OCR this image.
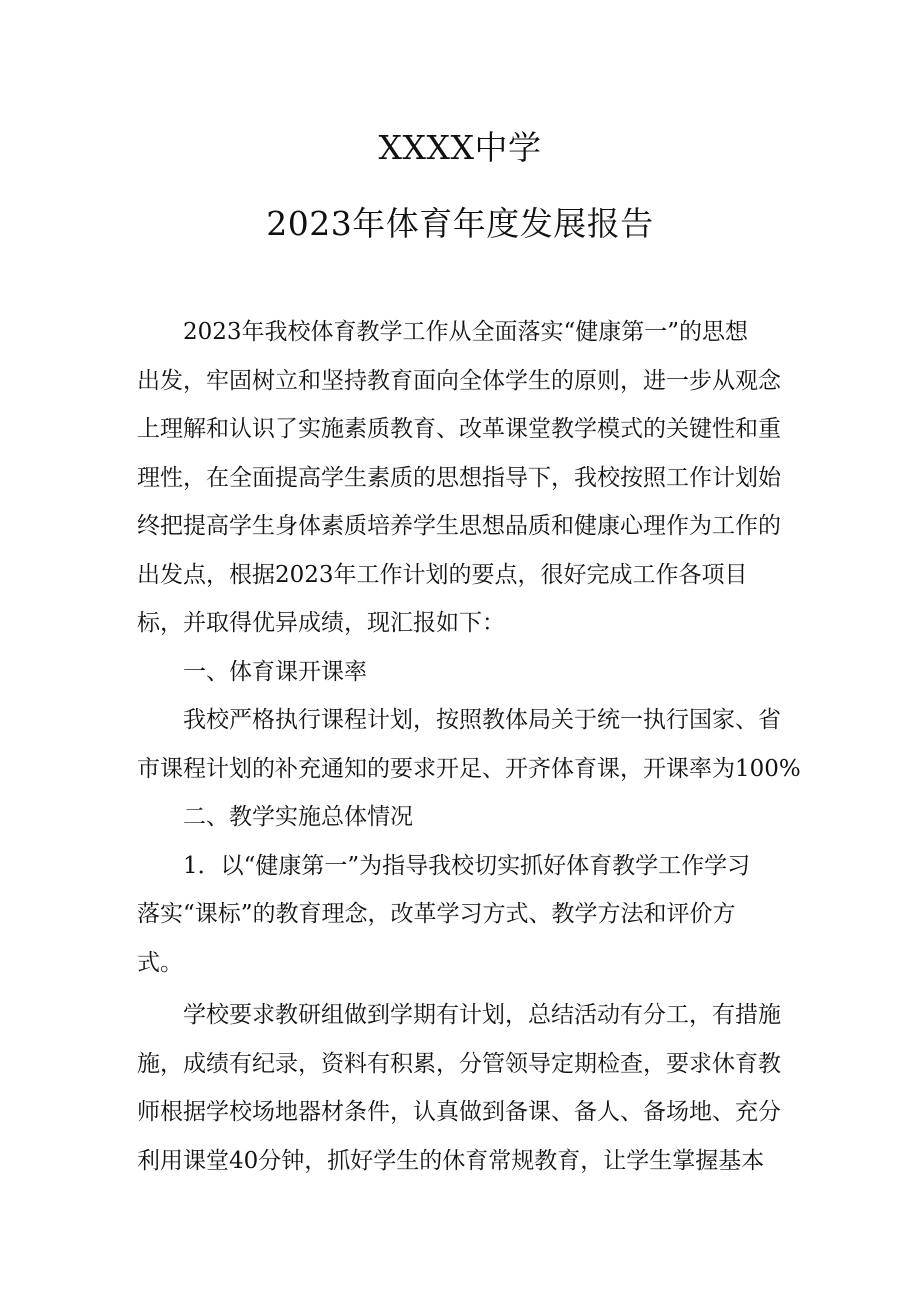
XXXX中学
2023年体育年度发展报告

2023年我校体育教学工作从全面落实“健康第一”的思想
出发，牢固树立和坚持教育面向全体学生的原则，进一步从观念
上理解和认识了实施素质教育、改革课堂教学模式的关键性和重
理性，在全面提高学生素质的思想指导下，我校按照工作计划始
终把提高学生身体素质培养学生思想品质和健康心理作为工作的
出发点，根据2023年工作计划的要点，很好完成工作各项目
标，并取得优异成绩，现汇报如下：

一、体育课开课率

我校严格执行课程计划，按照教体局关于统一执行国家、省
市课程计划的补充通知的要求开足、开齐体育课，开课率为100%

二、教学实施总体情况

1．以“健康第一”为指导我校切实抓好体育教学工作学习
落实“课标”的教育理念，改革学习方式、教学方法和评价方
式。

学校要求教研组做到学期有计划，总结活动有分工，有措施
施，成绩有纪录，资料有积累，分管领导定期检查，要求休育教
师根据学校场地器材条件，认真做到备课、备人、备场地、充分
利用课堂40分钟，抓好学生的休育常规教育，让学生掌握基本
